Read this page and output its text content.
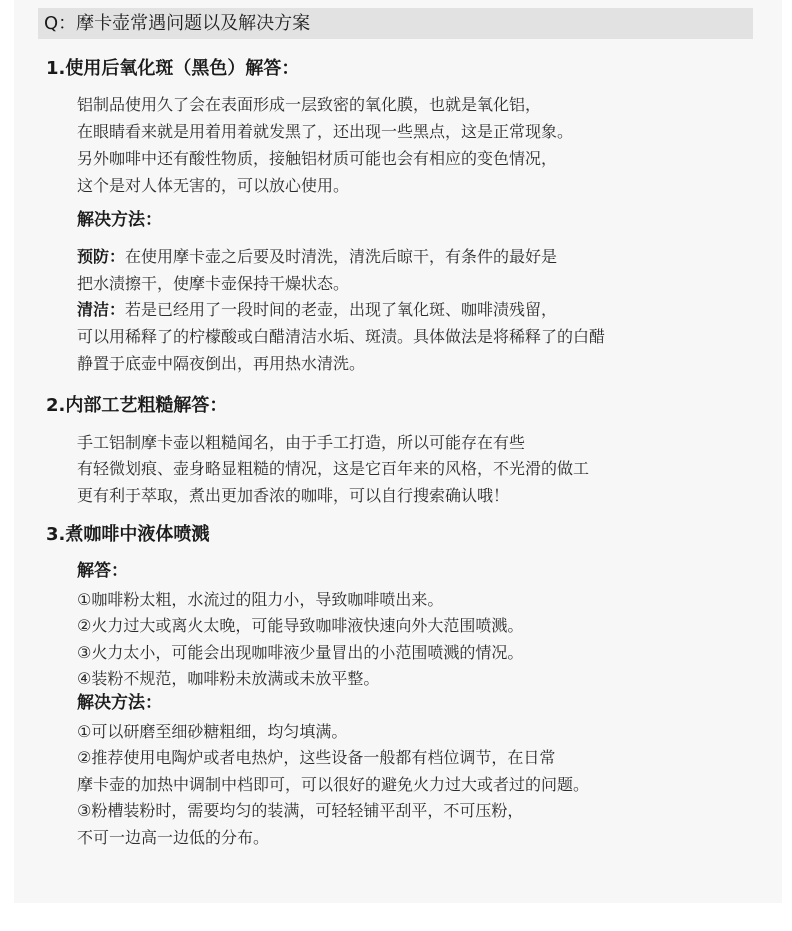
Q：摩卡壶常遇问题以及解决方案
1.使用后氧化斑（黑色）解答：
铝制品使用久了会在表面形成一层致密的氧化膜，也就是氧化铝，
在眼睛看来就是用着用着就发黑了，还出现一些黑点，这是正常现象。
另外咖啡中还有酸性物质，接触铝材质可能也会有相应的变色情况，
这个是对人体无害的，可以放心使用。
解决方法：
预防：在使用摩卡壶之后要及时清洗，清洗后晾干，有条件的最好是
把水渍擦干，使摩卡壶保持干燥状态。
清洁：若是已经用了一段时间的老壶，出现了氧化斑、咖啡渍残留，
可以用稀释了的柠檬酸或白醋清洁水垢、斑渍。具体做法是将稀释了的白醋
静置于底壶中隔夜倒出，再用热水清洗。
2.内部工艺粗糙解答：
手工铝制摩卡壶以粗糙闻名，由于手工打造，所以可能存在有些
有轻微划痕、壶身略显粗糙的情况，这是它百年来的风格，不光滑的做工
更有利于萃取，煮出更加香浓的咖啡，可以自行搜索确认哦！
3.煮咖啡中液体喷溅
解答：
①咖啡粉太粗，水流过的阻力小，导致咖啡喷出来。
②火力过大或离火太晚，可能导致咖啡液快速向外大范围喷溅。
③火力太小，可能会出现咖啡液少量冒出的小范围喷溅的情况。
④装粉不规范，咖啡粉未放满或未放平整。
解决方法：
①可以研磨至细砂糖粗细，均匀填满。
②推荐使用电陶炉或者电热炉，这些设备一般都有档位调节，在日常
摩卡壶的加热中调制中档即可，可以很好的避免火力过大或者过的问题。
③粉槽装粉时，需要均匀的装满，可轻轻铺平刮平，不可压粉，
不可一边高一边低的分布。
